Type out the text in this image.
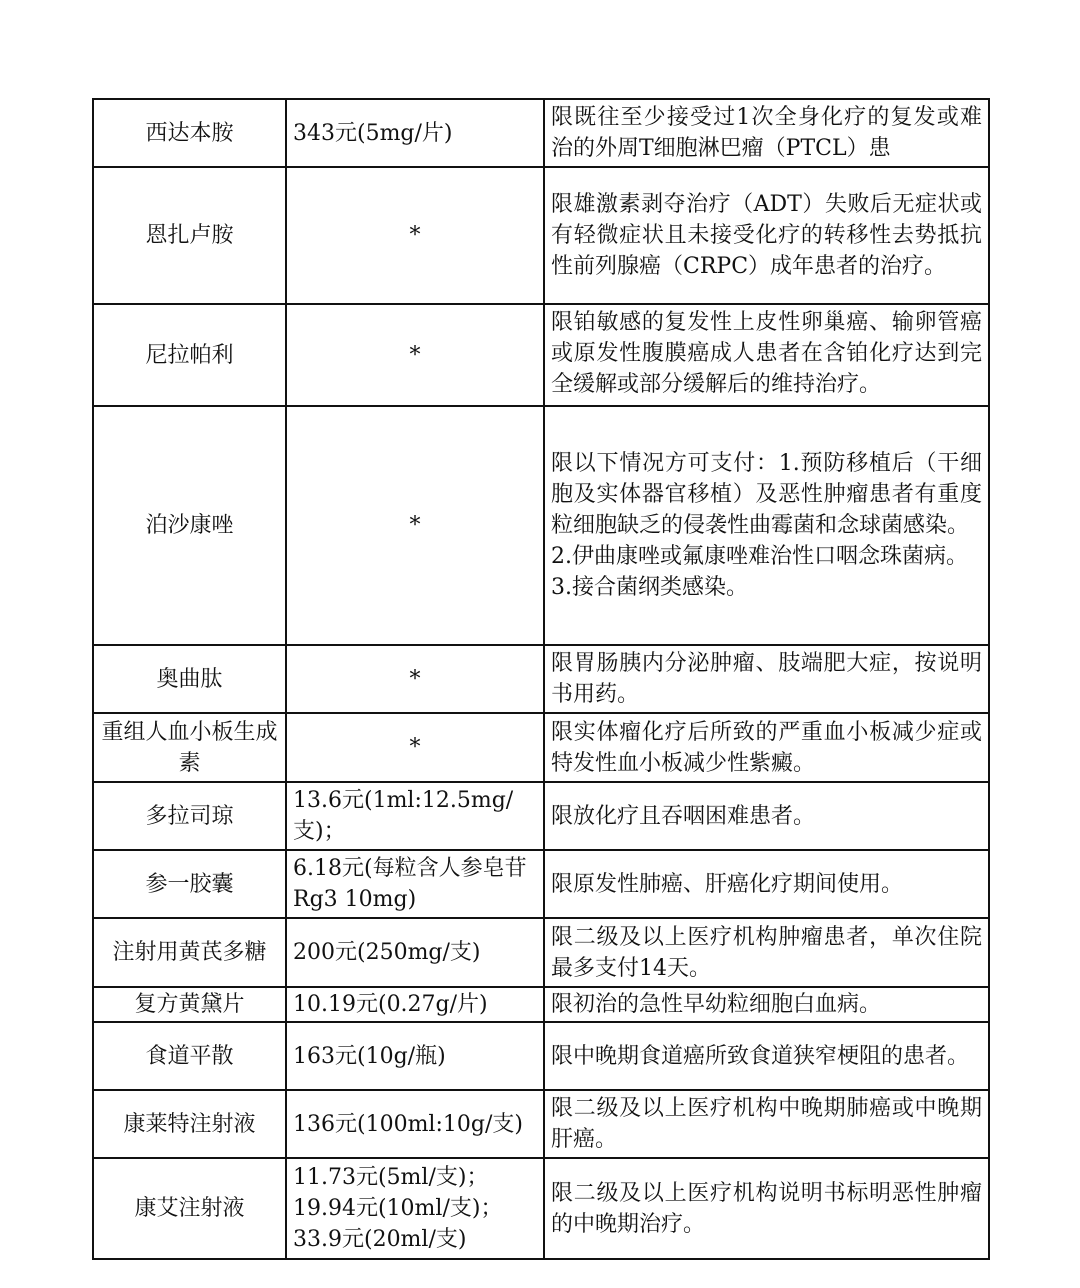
西达本胺	343元(5mg/片)	限既往至少接受过1次全身化疗的复发或难治的外周T细胞淋巴瘤（PTCL）患

恩扎卢胺	*	限雄激素剥夺治疗（ADT）失败后无症状或有轻微症状且未接受化疗的转移性去势抵抗性前列腺癌（CRPC）成年患者的治疗。
尼拉帕利	*	限铂敏感的复发性上皮性卵巢癌、输卵管癌或原发性腹膜癌成人患者在含铂化疗达到完全缓解或部分缓解后的维持治疗。

泊沙康唑	*	限以下情况方可支付：1.预防移植后（干细胞及实体器官移植）及恶性肿瘤患者有重度粒细胞缺乏的侵袭性曲霉菌和念球菌感染。
2.伊曲康唑或氟康唑难治性口咽念珠菌病。
3.接合菌纲类感染。

奥曲肽	*	限胃肠胰内分泌肿瘤、肢端肥大症，按说明书用药。
重组人血小板生成素	*	限实体瘤化疗后所致的严重血小板减少症或特发性血小板减少性紫癜。
多拉司琼	13.6元(1ml:12.5mg/支)；	限放化疗且吞咽困难患者。
参一胶囊	6.18元(每粒含人参皂苷Rg3 10mg)	限原发性肺癌、肝癌化疗期间使用。
注射用黄芪多糖	200元(250mg/支)	限二级及以上医疗机构肿瘤患者，单次住院最多支付14天。
复方黄黛片	10.19元(0.27g/片)	限初治的急性早幼粒细胞白血病。
食道平散	163元(10g/瓶)	限中晚期食道癌所致食道狭窄梗阻的患者。
康莱特注射液	136元(100ml:10g/支)	限二级及以上医疗机构中晚期肺癌或中晚期肝癌。
康艾注射液	11.73元(5ml/支)；
19.94元(10ml/支)；
33.9元(20ml/支)	限二级及以上医疗机构说明书标明恶性肿瘤的中晚期治疗。
